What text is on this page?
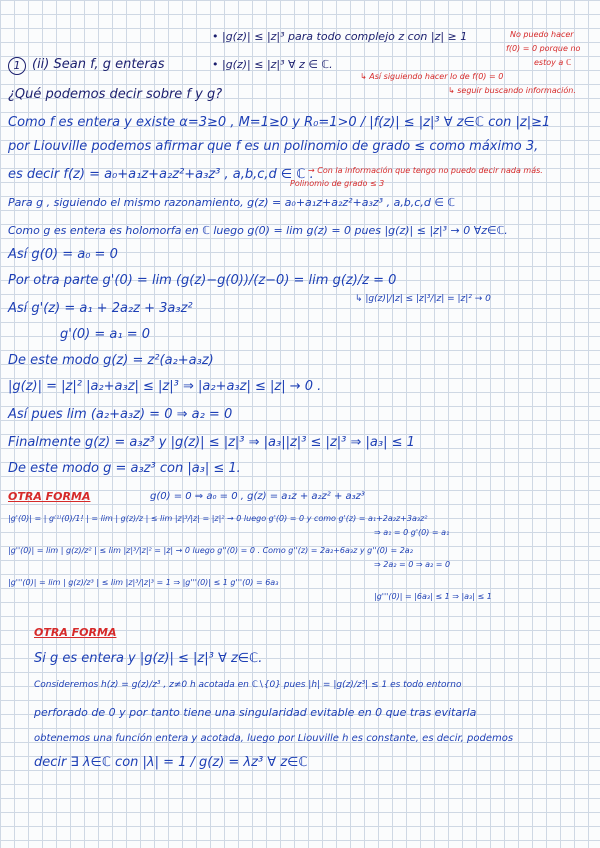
• |g(z)| ≤ |z|³ para todo complejo z con |z| ≥ 1
1 (ii) Sean f, g enteras	• |g(z)| ≤ |z|³ ∀ z ∈ ℂ.
¿Qué podemos decir sobre f y g?
No puedo hacer
f(0) = 0 porque no
estoy a ℂ
↳ Así siguiendo hacer lo de f(0) = 0
↳ seguir buscando información.
Como f es entera y existe α=3≥0 , M=1≥0 y R₀=1>0 / |f(z)| ≤ |z|³ ∀ z∈ℂ con |z|≥1
por Liouville podemos afirmar que f es un polinomio de grado ≤ como máximo 3,
es decir f(z) = a₀+a₁z+a₂z²+a₃z³ , a,b,c,d ∈ ℂ .
→ Con la información que tengo no puedo decir nada más.
Polinomio de grado ≤ 3
Para g , siguiendo el mismo razonamiento, g(z) = a₀+a₁z+a₂z²+a₃z³ , a,b,c,d ∈ ℂ
Como g es entera es holomorfa en ℂ luego g(0) = lim g(z) = 0 pues |g(z)| ≤ |z|³ → 0 ∀z∈ℂ.
Así g(0) = a₀ = 0
Por otra parte g'(0) = lim (g(z)−g(0))/(z−0) = lim g(z)/z = 0
↳ |g(z)|/|z| ≤ |z|³/|z| = |z|² → 0
Así g'(z) = a₁ + 2a₂z + 3a₃z²
g'(0) = a₁ = 0
De este modo g(z) = z²(a₂+a₃z)
|g(z)| = |z|² |a₂+a₃z| ≤ |z|³ ⇒ |a₂+a₃z| ≤ |z| → 0 .
Así pues lim (a₂+a₃z) = 0 ⇒ a₂ = 0
Finalmente g(z) = a₃z³ y |g(z)| ≤ |z|³ ⇒ |a₃||z|³ ≤ |z|³ ⇒ |a₃| ≤ 1
De este modo g = a₃z³ con |a₃| ≤ 1.
OTRA FORMA	g(0) = 0 ⇒ a₀ = 0 , g(z) = a₁z + a₂z² + a₃z³
|g'(0)| = | g⁽¹⁾(0)/1! | = lim | g(z)/z | ≤ lim |z|³/|z| = |z|² → 0 luego g'(0) = 0 y como g'(z) = a₁+2a₂z+3a₃z²
⇒ a₁ = 0 g'(0) = a₁
|g''(0)| = lim | g(z)/z² | ≤ lim |z|³/|z|² = |z| → 0 luego g''(0) = 0 . Como g''(z) = 2a₂+6a₃z y g''(0) = 2a₂
⇒ 2a₂ = 0 ⇒ a₂ = 0
|g'''(0)| = lim | g(z)/z³ | ≤ lim |z|³/|z|³ = 1 ⇒ |g'''(0)| ≤ 1 g'''(0) = 6a₃
|g'''(0)| = |6a₃| ≤ 1 ⇒ |a₃| ≤ 1
OTRA FORMA
Si g es entera y |g(z)| ≤ |z|³ ∀ z∈ℂ.
Consideremos h(z) = g(z)/z³ , z≠0 h acotada en ℂ∖{0} pues |h| = |g(z)/z³| ≤ 1 es todo entorno
perforado de 0 y por tanto tiene una singularidad evitable en 0 que tras evitarla
obtenemos una función entera y acotada, luego por Liouville h es constante, es decir, podemos
decir ∃ λ∈ℂ con |λ| = 1 / g(z) = λz³ ∀ z∈ℂ
